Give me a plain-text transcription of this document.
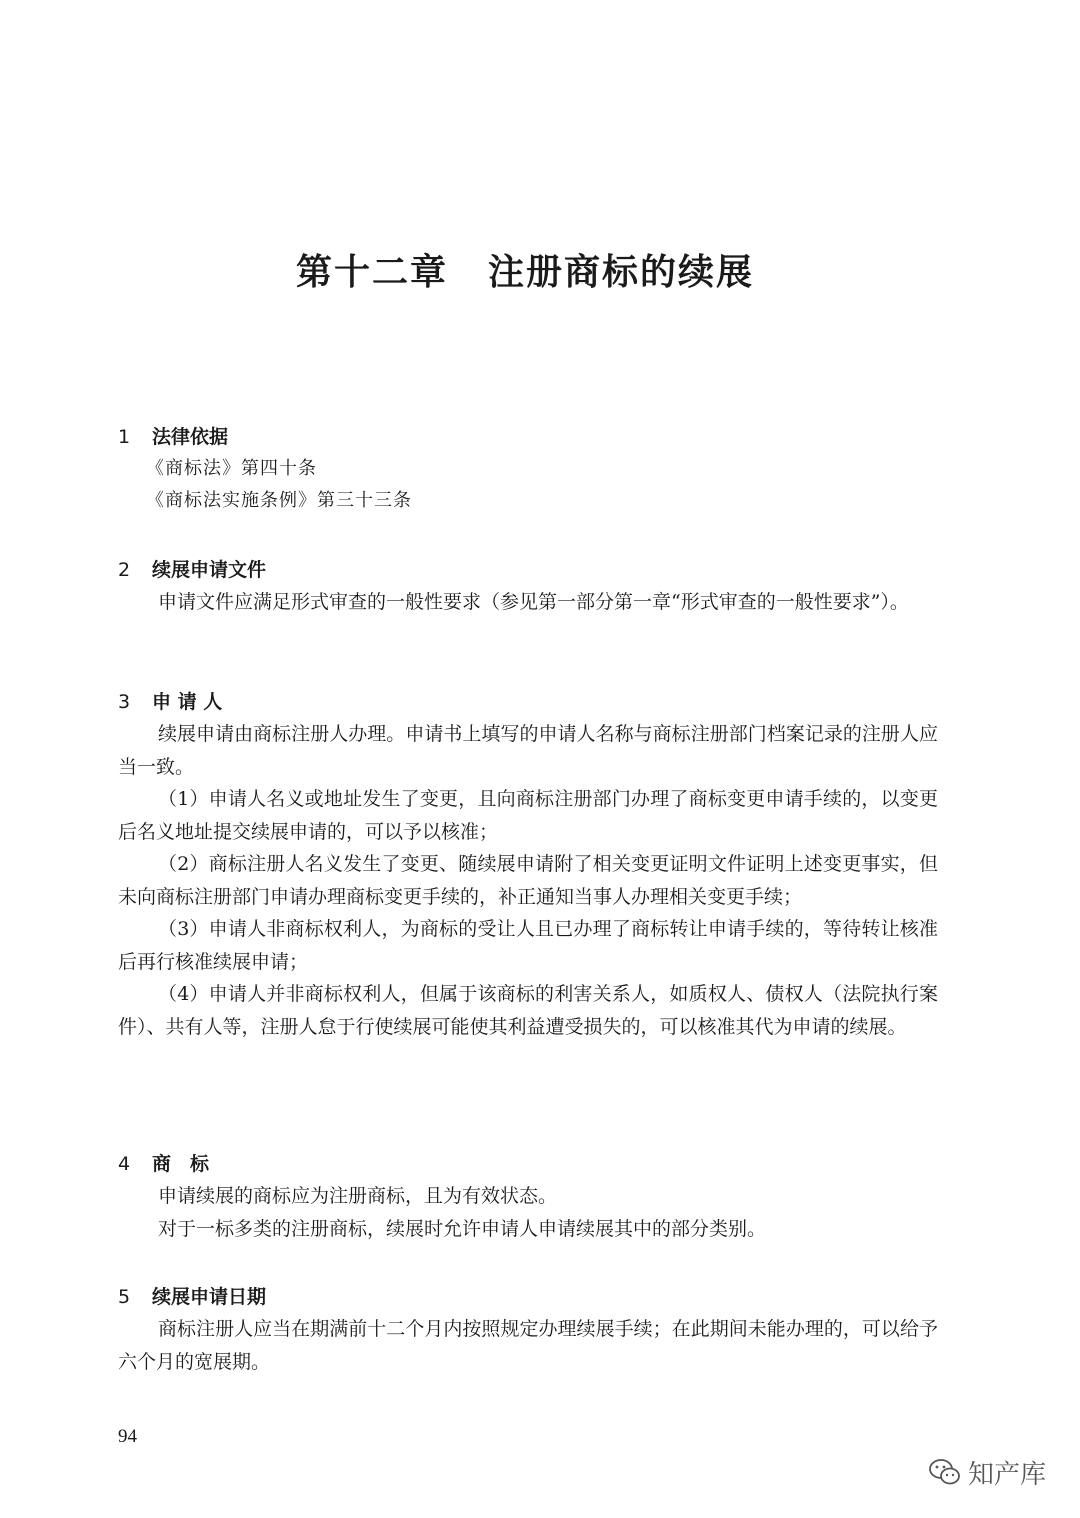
第十二章 注册商标的续展
1 法律依据
《商标法》第四十条
《商标法实施条例》第三十三条
2 续展申请文件
申请文件应满足形式审查的一般性要求（参见第一部分第一章“形式审查的一般性要求”）。
3 申 请 人
续展申请由商标注册人办理。申请书上填写的申请人名称与商标注册部门档案记录的注册人应当一致。
（1）申请人名义或地址发生了变更，且向商标注册部门办理了商标变更申请手续的，以变更后名义地址提交续展申请的，可以予以核准；
（2）商标注册人名义发生了变更、随续展申请附了相关变更证明文件证明上述变更事实，但未向商标注册部门申请办理商标变更手续的，补正通知当事人办理相关变更手续；
（3）申请人非商标权利人，为商标的受让人且已办理了商标转让申请手续的，等待转让核准后再行核准续展申请；
（4）申请人并非商标权利人，但属于该商标的利害关系人，如质权人、债权人（法院执行案件）、共有人等，注册人怠于行使续展可能使其利益遭受损失的，可以核准其代为申请的续展。
4 商　标
申请续展的商标应为注册商标，且为有效状态。
对于一标多类的注册商标，续展时允许申请人申请续展其中的部分类别。
5 续展申请日期
商标注册人应当在期满前十二个月内按照规定办理续展手续；在此期间未能办理的，可以给予六个月的宽展期。
94
知产库
